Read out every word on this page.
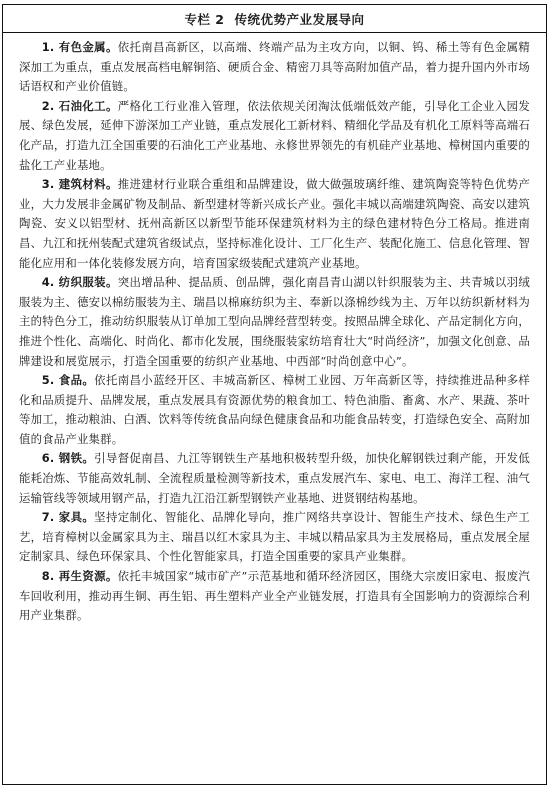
专栏 2 传统优势产业发展导向

1. 有色金属。依托南昌高新区，以高端、终端产品为主攻方向，以铜、钨、稀土等有色金属精深加工为重点，重点发展高档电解铜箔、硬质合金、精密刀具等高附加值产品，着力提升国内外市场话语权和产业价值链。

2. 石油化工。严格化工行业准入管理，依法依规关闭淘汰低端低效产能，引导化工企业入园发展、绿色发展，延伸下游深加工产业链，重点发展化工新材料、精细化学品及有机化工原料等高端石化产品，打造九江全国重要的石油化工产业基地、永修世界领先的有机硅产业基地、樟树国内重要的盐化工产业基地。

3. 建筑材料。推进建材行业联合重组和品牌建设，做大做强玻璃纤维、建筑陶瓷等特色优势产业，大力发展非金属矿物及制品、新型建材等新兴成长产业。强化丰城以高端建筑陶瓷、高安以建筑陶瓷、安义以铝型材、抚州高新区以新型节能环保建筑材料为主的绿色建材特色分工格局。推进南昌、九江和抚州装配式建筑省级试点，坚持标准化设计、工厂化生产、装配化施工、信息化管理、智能化应用和一体化装修发展方向，培育国家级装配式建筑产业基地。

4. 纺织服装。突出增品种、提品质、创品牌，强化南昌青山湖以针织服装为主、共青城以羽绒服装为主、德安以棉纺服装为主、瑞昌以棉麻纺织为主、奉新以涤棉纱线为主、万年以纺织新材料为主的特色分工，推动纺织服装从订单加工型向品牌经营型转变。按照品牌全球化、产品定制化方向，推进个性化、高端化、时尚化、都市化发展，围绕服装家纺培育壮大“时尚经济”，加强文化创意、品牌建设和展览展示，打造全国重要的纺织产业基地、中西部“时尚创意中心”。

5. 食品。依托南昌小蓝经开区、丰城高新区、樟树工业园、万年高新区等，持续推进品种多样化和品质提升、品牌发展，重点发展具有资源优势的粮食加工、特色油脂、畜禽、水产、果蔬、茶叶等加工，推动粮油、白酒、饮料等传统食品向绿色健康食品和功能食品转变，打造绿色安全、高附加值的食品产业集群。

6. 钢铁。引导督促南昌、九江等钢铁生产基地积极转型升级，加快化解钢铁过剩产能，开发低能耗冶炼、节能高效轧制、全流程质量检测等新技术，重点发展汽车、家电、电工、海洋工程、油气运输管线等领域用钢产品，打造九江沿江新型钢铁产业基地、进贤钢结构基地。

7. 家具。坚持定制化、智能化、品牌化导向，推广网络共享设计、智能生产技术、绿色生产工艺，培育樟树以金属家具为主、瑞昌以红木家具为主、丰城以精品家具为主发展格局，重点发展全屋定制家具、绿色环保家具、个性化智能家具，打造全国重要的家具产业集群。

8. 再生资源。依托丰城国家“城市矿产”示范基地和循环经济园区，围绕大宗废旧家电、报废汽车回收利用，推动再生铜、再生铝、再生塑料产业全产业链发展，打造具有全国影响力的资源综合利用产业集群。
